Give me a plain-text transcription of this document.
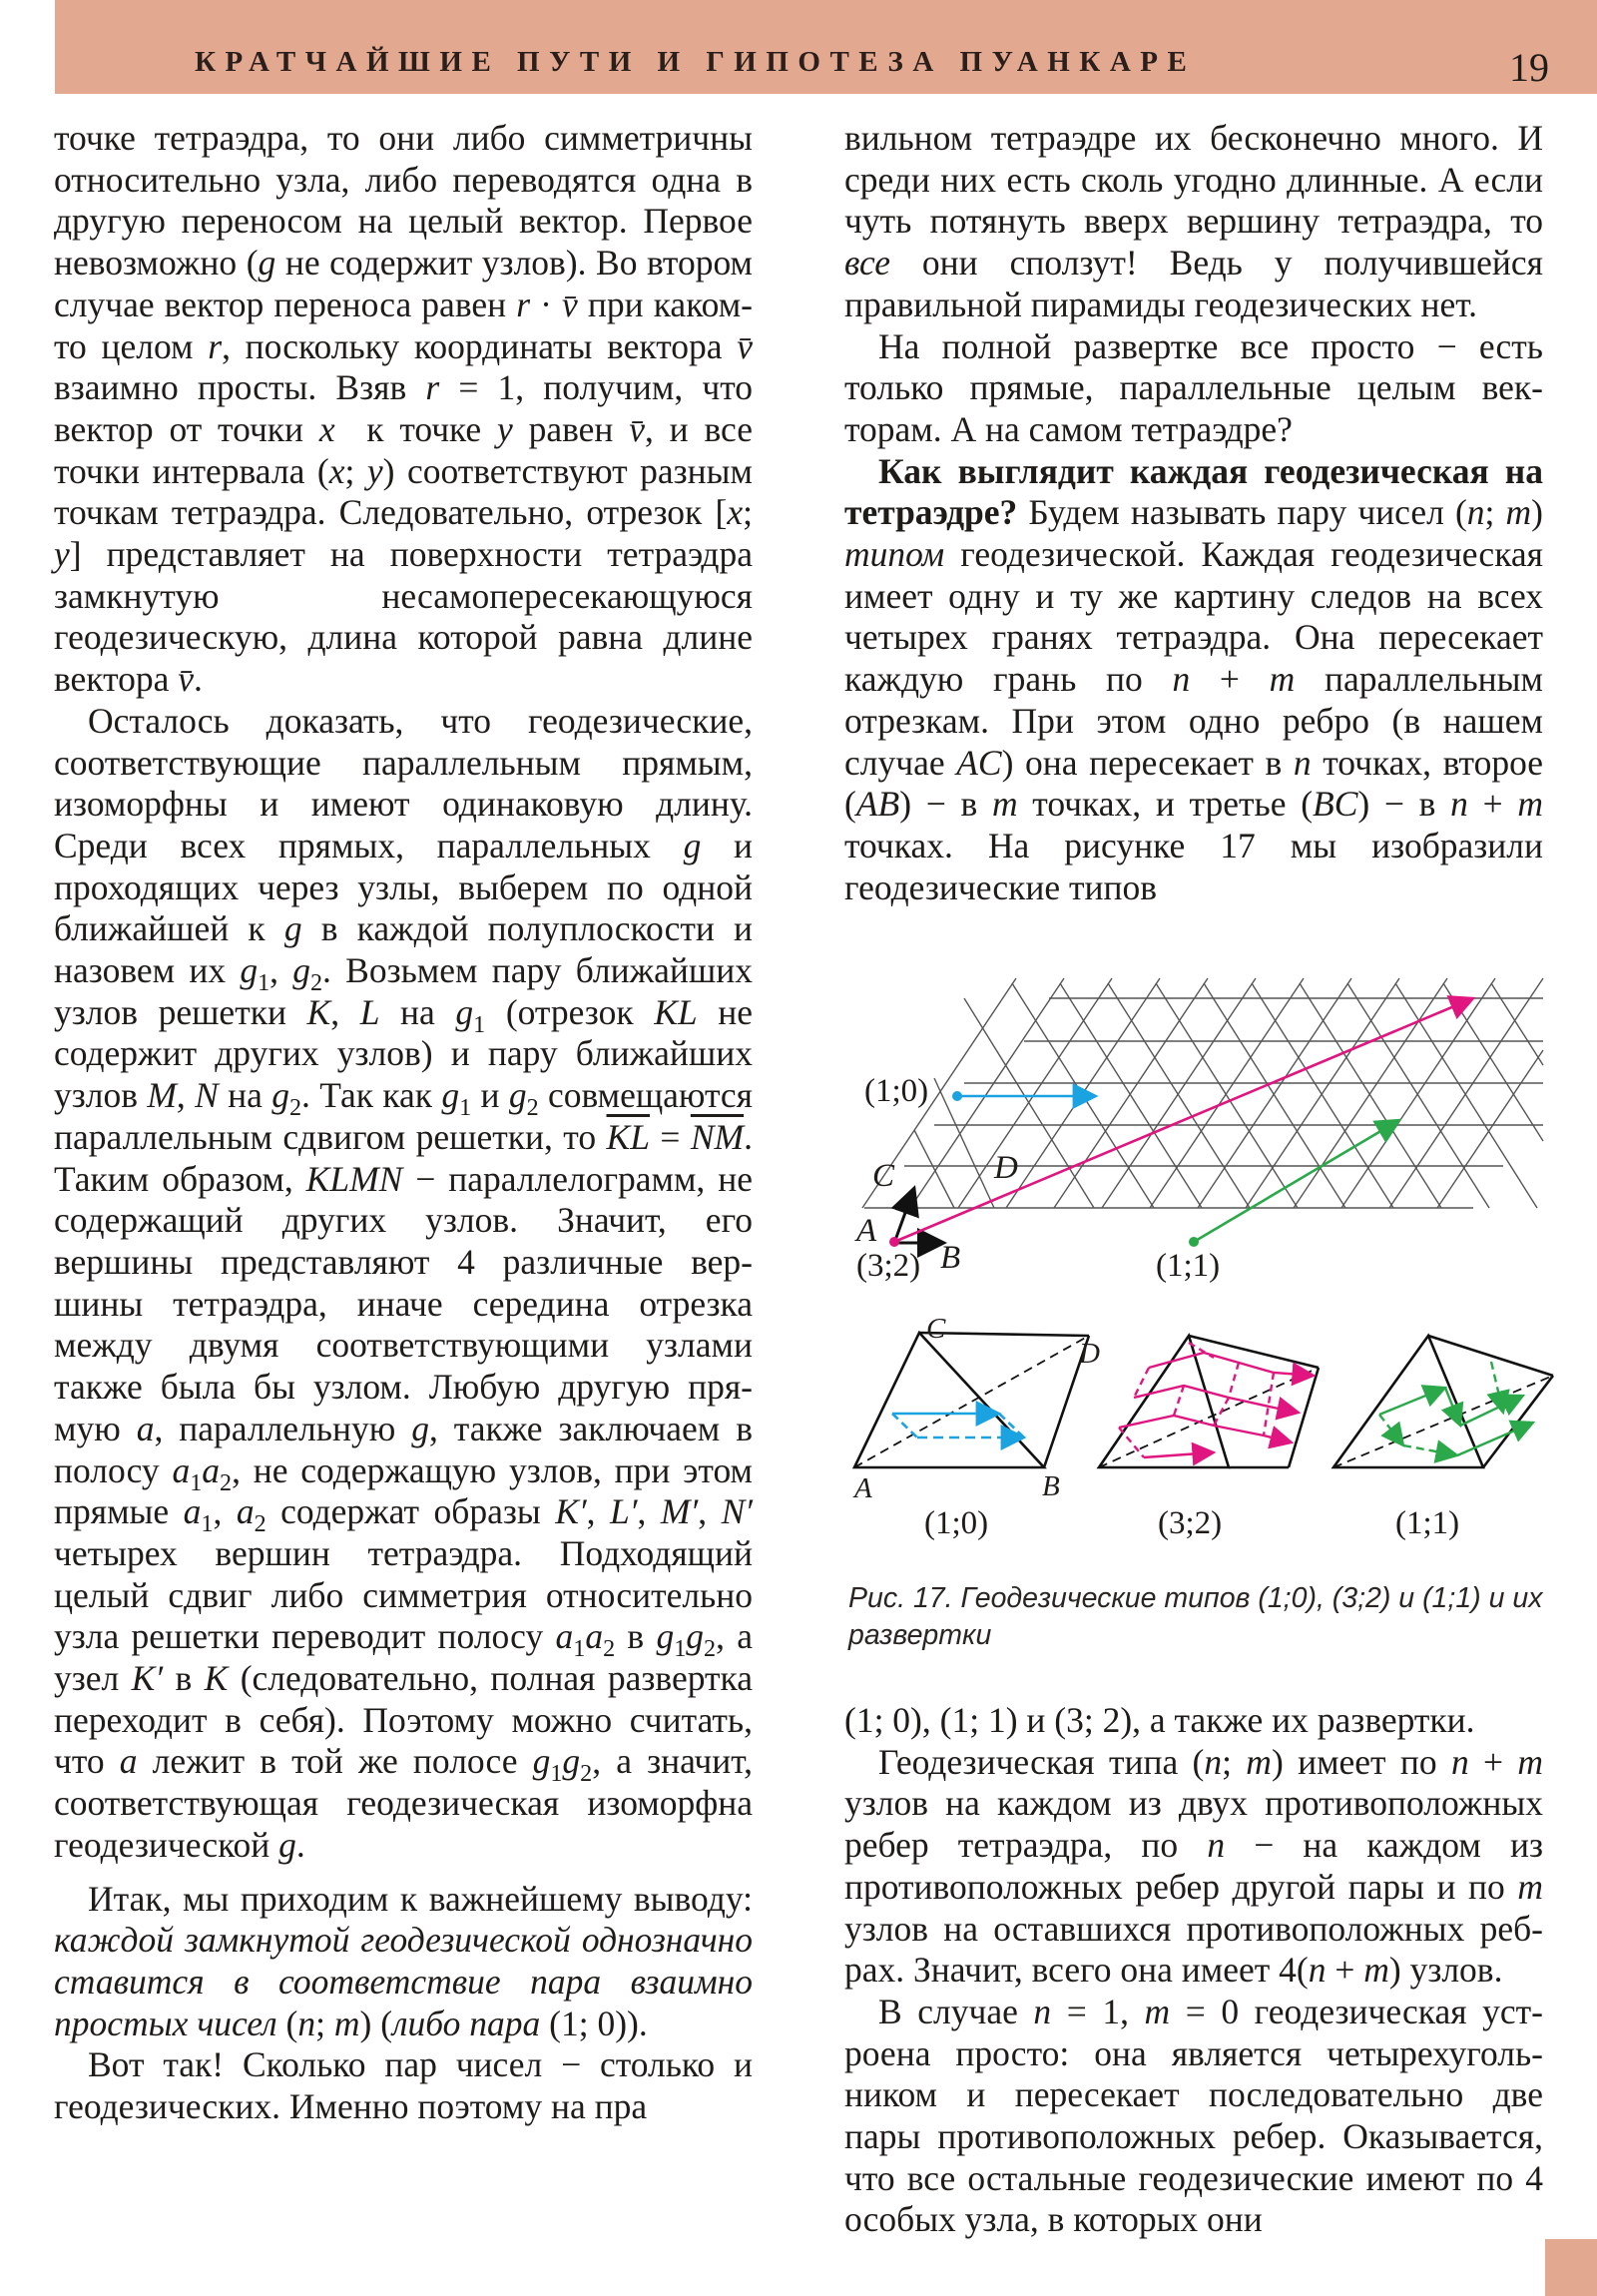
КРАТЧАЙШИЕ ПУТИ И ГИПОТЕЗА ПУАНКАРЕ	19

точке тетраэдра, то они либо симметричны относительно узла, либо переводятся одна в другую переносом на целый вектор. Первое невозможно (g не содержит узлов). Во втором случае вектор переноса равен r · v̄ при каком-то целом r, поскольку координаты вектора v̄ взаимно просты. Взяв r = 1, получим, что вектор от точки x  к точке y равен v̄, и все точки интервала (x; y) соответствуют разным точкам тетраэдра. Следовательно, отрезок [x; y] представляет на поверхности тетраэдра замкнутую несамопересекающуюся геодезическую, длина которой равна длине вектора v̄.

Осталось доказать, что геодезические, соответствующие параллельным прямым, изоморфны и имеют одинаковую длину. Среди всех прямых, параллельных g и проходящих через узлы, выберем по одной ближайшей к g в каждой полуплоскости и назовем их $g_1$, $g_2$. Возьмем пару ближайших узлов решетки K, L на $g_1$ (отрезок KL не содержит других узлов) и пару ближайших узлов M, N на $g_2$. Так как $g_1$ и $g_2$ совмещаются параллельным сдвигом решетки, то $\overline{KL} = \overline{NM}$. Таким образом, KLMN − параллелограмм, не содержащий других узлов. Значит, его вершины представляют 4 различные вершины тетраэдра, иначе середина отрезка между двумя соответствующими узлами также была бы узлом. Любую другую прямую a, параллельную g, также заключаем в полосу $a_1a_2$, не содержащую узлов, при этом прямые $a_1$, $a_2$ содержат образы K′, L′, M′, N′ четырех вершин тетраэдра. Подходящий целый сдвиг либо симметрия относительно узла решетки переводит полосу $a_1a_2$ в $g_1g_2$, а узел K′ в K (следовательно, полная развертка переходит в себя). Поэтому можно считать, что a лежит в той же полосе $g_1g_2$, а значит, соответствующая геодезическая изоморфна геодезической g.

Итак, мы приходим к важнейшему выводу: каждой замкнутой геодезической однозначно ставится в соответствие пара взаимно простых чисел (n; m) (либо пара (1; 0)).

Вот так! Сколько пар чисел − столько и геодезических. Именно поэтому на пра

вильном тетраэдре их бесконечно много. И среди них есть сколь угодно длинные. А если чуть потянуть вверх вершину тетраэдра, то все они сползут! Ведь у получившейся правильной пирамиды геодезических нет.

На полной развертке все просто − есть только прямые, параллельные целым векторам. А на самом тетраэдре?

Как выглядит каждая геодезическая на тетраэдре? Будем называть пару чисел (n; m) типом геодезической. Каждая геодезическая имеет одну и ту же картину следов на всех четырех гранях тетраэдра. Она пересекает каждую грань по n + m параллельным отрезкам. При этом одно ребро (в нашем случае AC) она пересекает в n точках, второе (AB) − в m точках, и третье (BC) − в n + m точках. На рисунке 17 мы изобразили геодезические типов

(1;0)
(3;2)	(1;1)
A
B
C	D
C
D
A	B
(1;0)	(3;2)	(1;1)
Рис. 17. Геодезические типов (1;0), (3;2) и (1;1) и их развертки

(1; 0), (1; 1) и (3; 2), а также их развертки.

Геодезическая типа (n; m) имеет по n + m узлов на каждом из двух противоположных ребер тетраэдра, по n − на каждом из противоположных ребер другой пары и по m узлов на оставшихся противоположных ребрах. Значит, всего она имеет 4(n + m) узлов.

В случае n = 1, m = 0 геодезическая устроена просто: она является четырехугольником и пересекает последовательно две пары противоположных ребер. Оказывается, что все остальные геодезические имеют по 4 особых узла, в которых они
